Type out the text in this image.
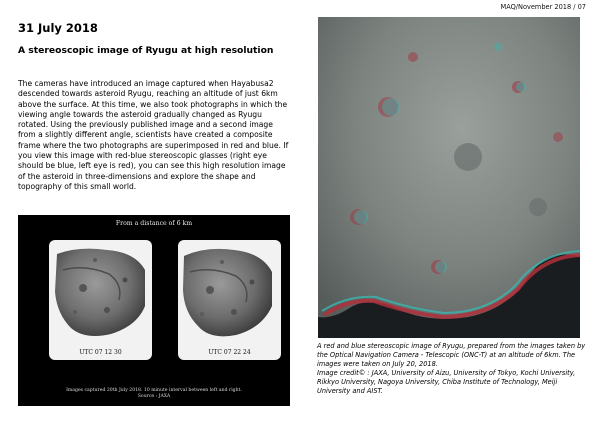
MAQ/November 2018 / 07
31 July 2018
A stereoscopic image of Ryugu at high resolution

The cameras have introduced an image captured when Hayabusa2 descended towards asteroid Ryugu, reaching an altitude of just 6km above the surface. At this time, we also took photographs in which the viewing angle towards the asteroid gradually changed as Ryugu rotated. Using the previously published image and a second image from a slightly different angle, scientists have created a composite frame where the two photographs are superimposed in red and blue. If you view this image with red-blue stereoscopic glasses (right eye should be blue, left eye is red), you can see this high resolution image of the asteroid in three-dimensions and explore the shape and topography of this small world.

From a distance of 6 km
UTC 07 12 30	UTC 07 22 24
Images captured 20th July 2018. 10 minute interval between left and right.
Source : JAXA
A red and blue stereoscopic image of Ryugu, prepared from the images taken by the Optical Navigation Camera - Telescopic (ONC-T) at an altitude of 6km. The images were taken on July 20, 2018.
Image credit© : JAXA, University of Aizu, University of Tokyo, Kochi University, Rikkyo University, Nagoya University, Chiba Institute of Technology, Meiji University and AIST.
